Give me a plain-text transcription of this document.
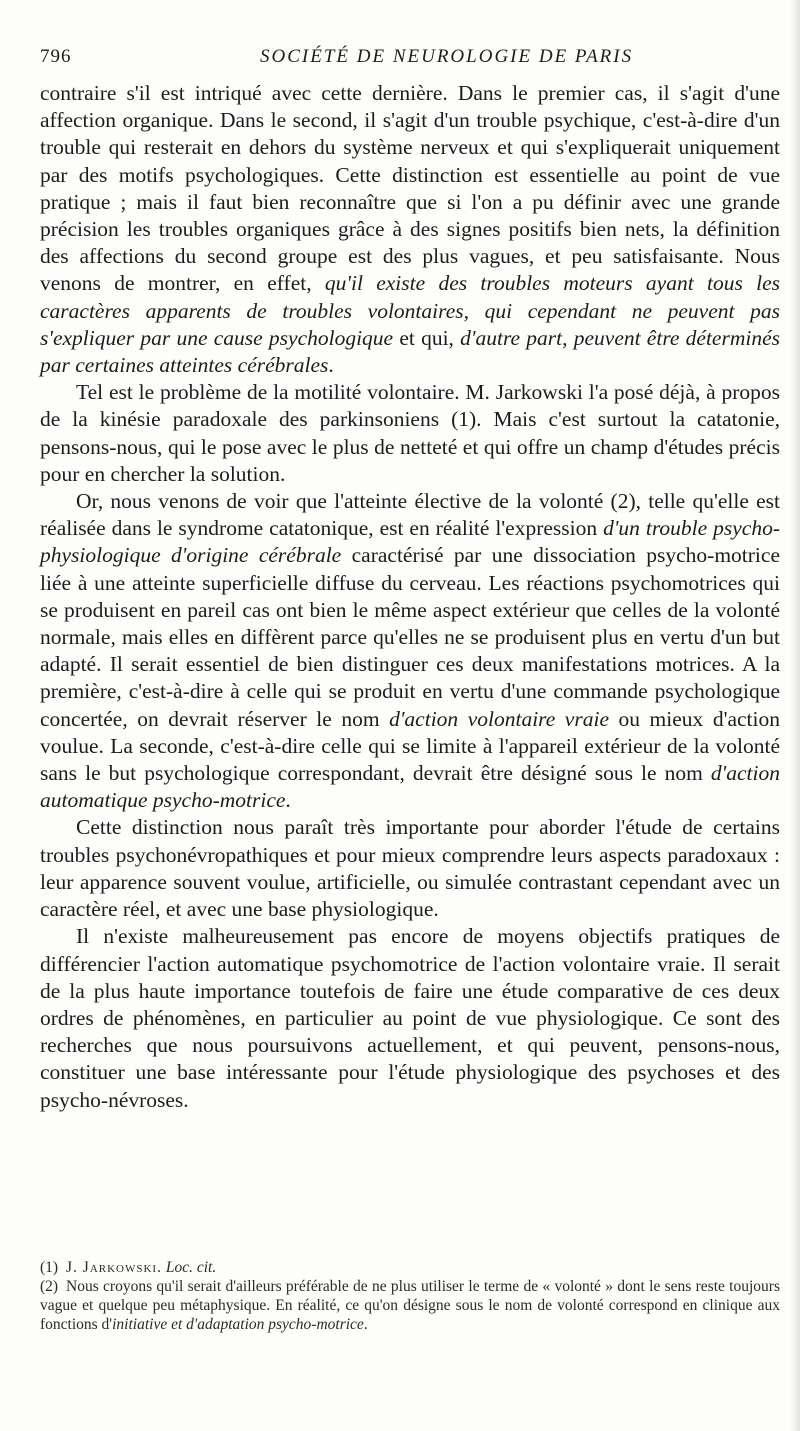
796	SOCIÉTÉ DE NEUROLOGIE DE PARIS

contraire s'il est intriqué avec cette dernière. Dans le premier cas, il s'agit d'une affection organique. Dans le second, il s'agit d'un trouble psychique, c'est-à-dire d'un trouble qui resterait en dehors du système nerveux et qui s'expliquerait uniquement par des motifs psychologiques. Cette distinction est essentielle au point de vue pratique ; mais il faut bien reconnaître que si l'on a pu définir avec une grande précision les troubles organiques grâce à des signes positifs bien nets, la définition des affections du second groupe est des plus vagues, et peu satisfaisante. Nous venons de montrer, en effet, qu'il existe des troubles moteurs ayant tous les caractères apparents de troubles volontaires, qui cependant ne peuvent pas s'expliquer par une cause psychologique et qui, d'autre part, peuvent être déterminés par certaines atteintes cérébrales.

Tel est le problème de la motilité volontaire. M. Jarkowski l'a posé déjà, à propos de la kinésie paradoxale des parkinsoniens (1). Mais c'est surtout la catatonie, pensons-nous, qui le pose avec le plus de netteté et qui offre un champ d'études précis pour en chercher la solution.

Or, nous venons de voir que l'atteinte élective de la volonté (2), telle qu'elle est réalisée dans le syndrome catatonique, est en réalité l'expression d'un trouble psycho-physiologique d'origine cérébrale caractérisé par une dissociation psycho-motrice liée à une atteinte superficielle diffuse du cerveau. Les réactions psychomotrices qui se produisent en pareil cas ont bien le même aspect extérieur que celles de la volonté normale, mais elles en diffèrent parce qu'elles ne se produisent plus en vertu d'un but adapté. Il serait essentiel de bien distinguer ces deux manifestations motrices. A la première, c'est-à-dire à celle qui se produit en vertu d'une commande psychologique concertée, on devrait réserver le nom d'action volontaire vraie ou mieux d'action voulue. La seconde, c'est-à-dire celle qui se limite à l'appareil extérieur de la volonté sans le but psychologique correspondant, devrait être désigné sous le nom d'action automatique psycho-motrice.

Cette distinction nous paraît très importante pour aborder l'étude de certains troubles psychonévropathiques et pour mieux comprendre leurs aspects paradoxaux : leur apparence souvent voulue, artificielle, ou simulée contrastant cependant avec un caractère réel, et avec une base physiologique.

Il n'existe malheureusement pas encore de moyens objectifs pratiques de différencier l'action automatique psychomotrice de l'action volontaire vraie. Il serait de la plus haute importance toutefois de faire une étude comparative de ces deux ordres de phénomènes, en particulier au point de vue physiologique. Ce sont des recherches que nous poursuivons actuellement, et qui peuvent, pensons-nous, constituer une base intéressante pour l'étude physiologique des psychoses et des psycho-névroses.

(1) J. Jarkowski. Loc. cit.

(2) Nous croyons qu'il serait d'ailleurs préférable de ne plus utiliser le terme de « volonté » dont le sens reste toujours vague et quelque peu métaphysique. En réalité, ce qu'on désigne sous le nom de volonté correspond en clinique aux fonctions d'initiative et d'adaptation psycho-motrice.
